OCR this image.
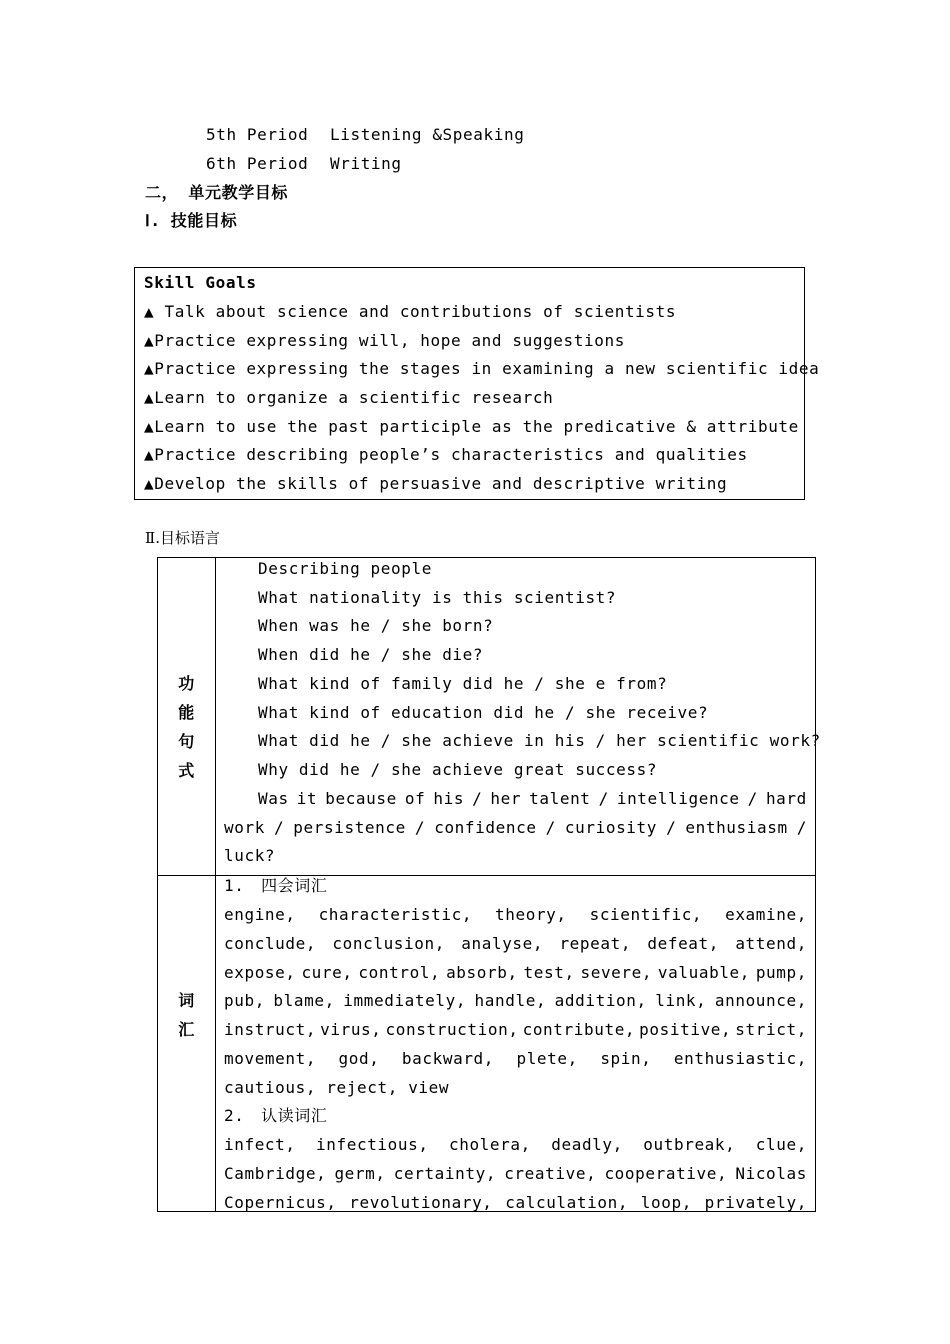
5th Period Listening &Speaking
6th Period Writing
二， 单元教学目标
Ⅰ. 技能目标
Skill Goals
▲ Talk about science and contributions of scientists
▲Practice expressing will, hope and suggestions
▲Practice expressing the stages in examining a new scientific idea
▲Learn to organize a scientific research
▲Learn to use the past participle as the predicative & attribute
▲Practice describing people’s characteristics and qualities
▲Develop the skills of persuasive and descriptive writing
Ⅱ.目标语言
功
能
句
式
Describing people
What nationality is this scientist?
When was he / she born?
When did he / she die?
What kind of family did he / she e from?
What kind of education did he / she receive?
What did he / she achieve in his / her scientific work?
Why did he / she achieve great success?
Was it because of his / her talent / intelligence / hard
work / persistence / confidence / curiosity / enthusiasm /
luck?
词
汇
1.　四会词汇
engine, characteristic, theory, scientific, examine,
conclude, conclusion, analyse, repeat, defeat, attend,
expose, cure, control, absorb, test, severe, valuable, pump,
pub, blame, immediately, handle, addition, link, announce,
instruct, virus, construction, contribute, positive, strict,
movement, god, backward, plete, spin, enthusiastic,
cautious, reject, view
2.　认读词汇
infect, infectious, cholera, deadly, outbreak, clue,
Cambridge, germ, certainty, creative, cooperative, Nicolas
Copernicus, revolutionary, calculation, loop, privately,
